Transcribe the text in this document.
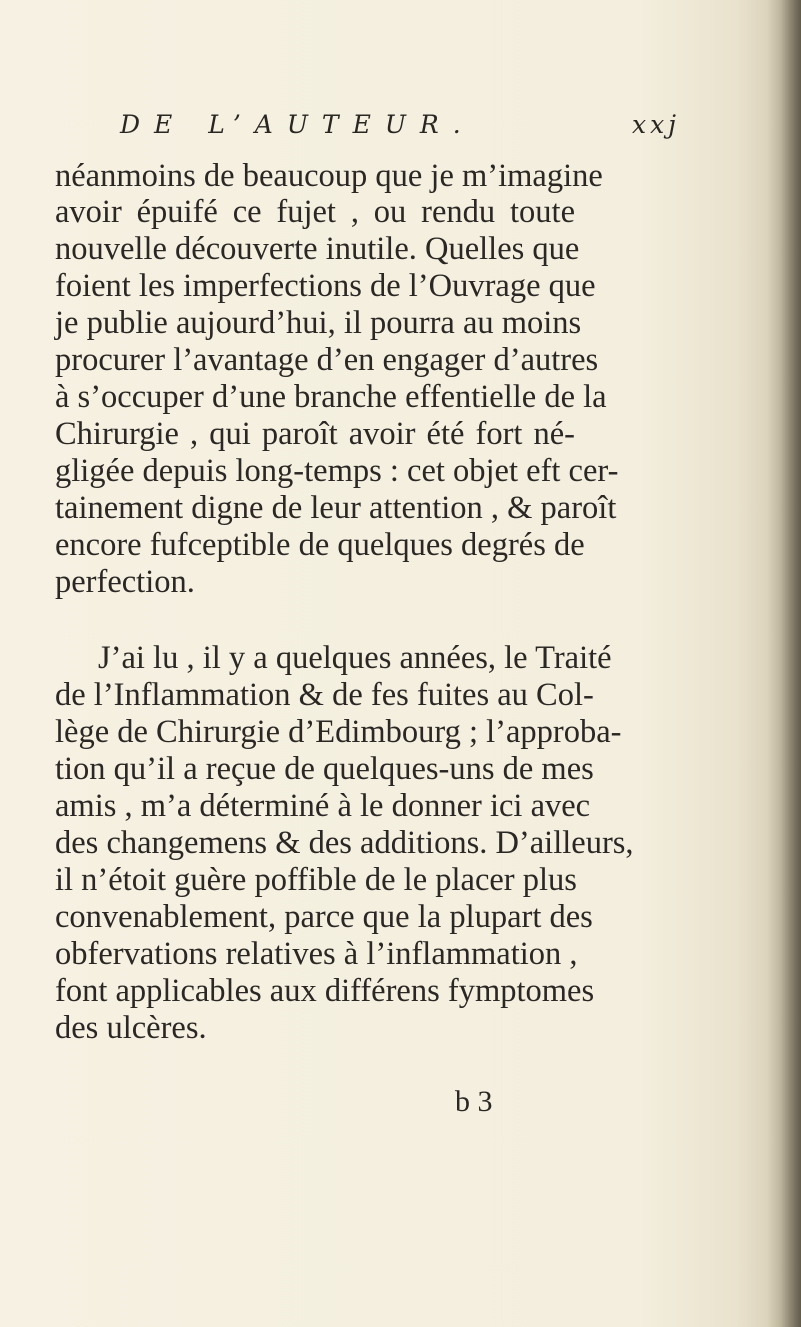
DE L’AUTEUR.	xxj
néanmoins de beaucoup que je m’imagine
avoir épuifé ce fujet , ou rendu toute
nouvelle découverte inutile. Quelles que
foient les imperfections de l’Ouvrage que
je publie aujourd’hui, il pourra au moins
procurer l’avantage d’en engager d’autres
à s’occuper d’une branche effentielle de la
Chirurgie , qui paroît avoir été fort né-
gligée depuis long-temps : cet objet eft cer-
tainement digne de leur attention , & paroît
encore fufceptible de quelques degrés de
perfection.
J’ai lu , il y a quelques années, le Traité
de l’Inflammation & de fes fuites au Col-
lège de Chirurgie d’Edimbourg ; l’approba-
tion qu’il a reçue de quelques-uns de mes
amis , m’a déterminé à le donner ici avec
des changemens & des additions. D’ailleurs,
il n’étoit guère poffible de le placer plus
convenablement, parce que la plupart des
obfervations relatives à l’inflammation ,
font applicables aux différens fymptomes
des ulcères.
b 3
